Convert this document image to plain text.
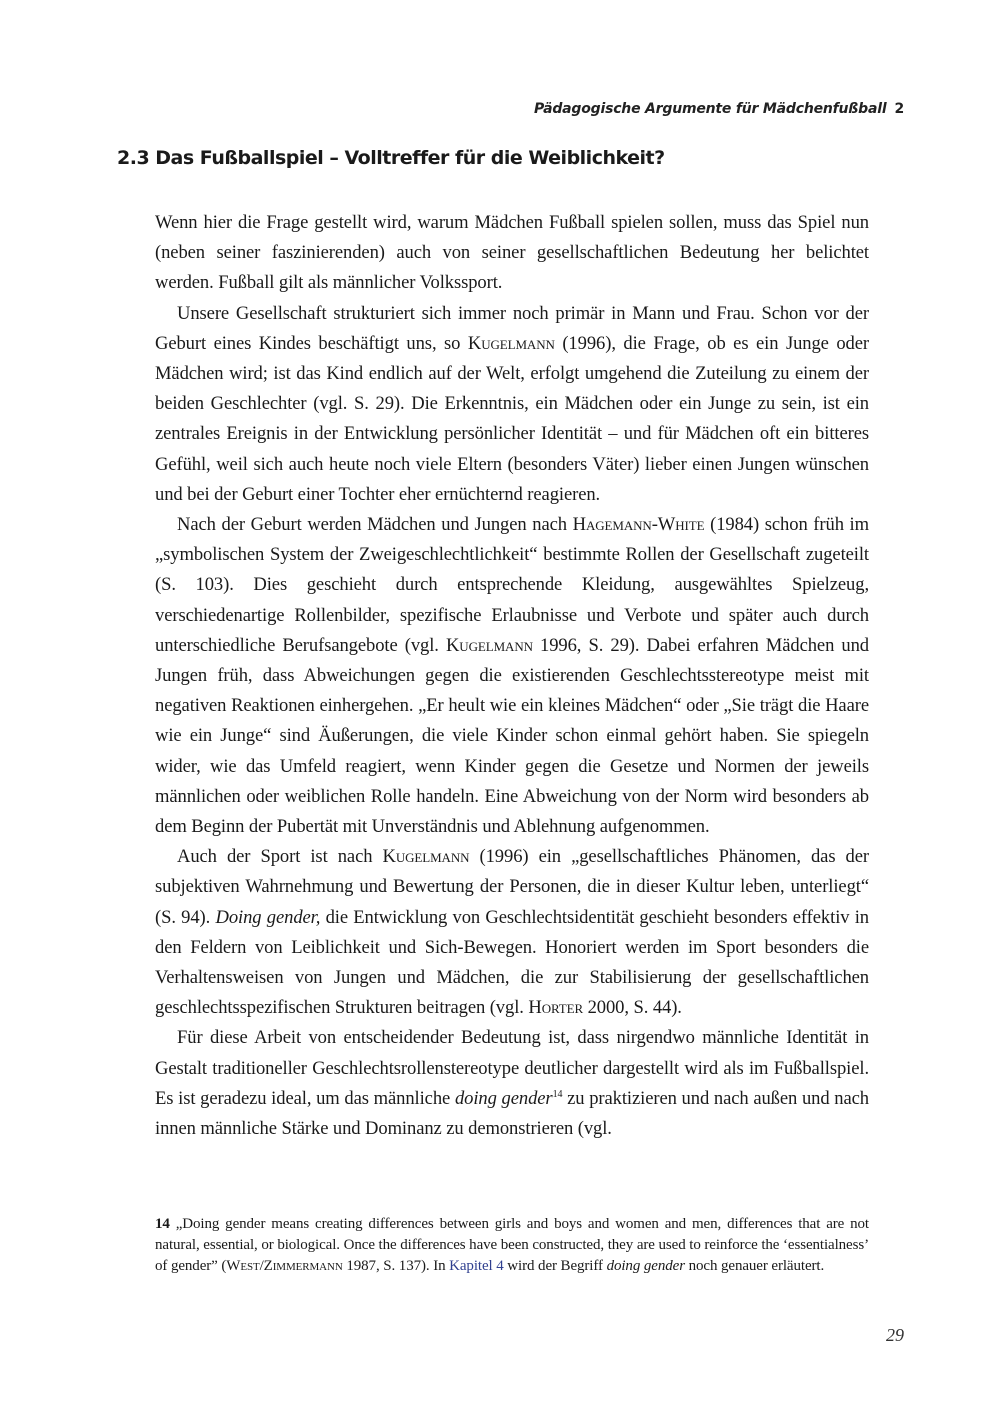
Pädagogische Argumente für Mädchenfußball 2
2.3 Das Fußballspiel – Volltreffer für die Weiblichkeit?

Wenn hier die Frage gestellt wird, warum Mädchen Fußball spielen sollen, muss das Spiel nun (neben seiner faszinierenden) auch von seiner gesellschaftlichen Bedeutung her belichtet werden. Fußball gilt als männlicher Volkssport.

Unsere Gesellschaft strukturiert sich immer noch primär in Mann und Frau. Schon vor der Geburt eines Kindes beschäftigt uns, so Kugelmann (1996), die Frage, ob es ein Junge oder Mädchen wird; ist das Kind endlich auf der Welt, erfolgt umgehend die Zuteilung zu einem der beiden Geschlechter (vgl. S. 29). Die Erkenntnis, ein Mädchen oder ein Junge zu sein, ist ein zentrales Ereignis in der Entwicklung persönlicher Identität – und für Mädchen oft ein bitteres Gefühl, weil sich auch heute noch viele Eltern (besonders Väter) lieber einen Jungen wünschen und bei der Geburt einer Tochter eher ernüchternd reagieren.

Nach der Geburt werden Mädchen und Jungen nach Hagemann-White (1984) schon früh im „symbolischen System der Zweigeschlechtlichkeit“ bestimmte Rollen der Gesellschaft zugeteilt (S. 103). Dies geschieht durch entsprechende Kleidung, ausgewähltes Spielzeug, verschiedenartige Rollenbilder, spezifische Erlaubnisse und Verbote und später auch durch unterschiedliche Berufsangebote (vgl. Kugelmann 1996, S. 29). Dabei erfahren Mädchen und Jungen früh, dass Abweichungen gegen die existierenden Geschlechtsstereotype meist mit negativen Reaktionen einhergehen. „Er heult wie ein kleines Mädchen“ oder „Sie trägt die Haare wie ein Junge“ sind Äußerungen, die viele Kinder schon einmal gehört haben. Sie spiegeln wider, wie das Umfeld reagiert, wenn Kinder gegen die Gesetze und Normen der jeweils männlichen oder weiblichen Rolle handeln. Eine Abweichung von der Norm wird besonders ab dem Beginn der Pubertät mit Unverständnis und Ablehnung aufgenommen.

Auch der Sport ist nach Kugelmann (1996) ein „gesellschaftliches Phänomen, das der subjektiven Wahrnehmung und Bewertung der Personen, die in dieser Kultur leben, unterliegt“ (S. 94). Doing gender, die Entwicklung von Geschlechtsidentität geschieht besonders effektiv in den Feldern von Leiblichkeit und Sich-Bewegen. Honoriert werden im Sport besonders die Verhaltensweisen von Jungen und Mädchen, die zur Stabilisierung der gesellschaftlichen geschlechtsspezifischen Strukturen beitragen (vgl. Horter 2000, S. 44).

Für diese Arbeit von entscheidender Bedeutung ist, dass nirgendwo männliche Identität in Gestalt traditioneller Geschlechtsrollenstereotype deutlicher dargestellt wird als im Fußballspiel. Es ist geradezu ideal, um das männliche doing gender$^{14}$ zu praktizieren und nach außen und nach innen männliche Stärke und Dominanz zu demonstrieren (vgl.

14 „Doing gender means creating differences between girls and boys and women and men, differences that are not natural, essential, or biological. Once the differences have been constructed, they are used to reinforce the ‘essentialness’ of gender” (West/Zimmermann 1987, S. 137). In Kapitel 4 wird der Begriff doing gender noch genauer erläutert.
29
